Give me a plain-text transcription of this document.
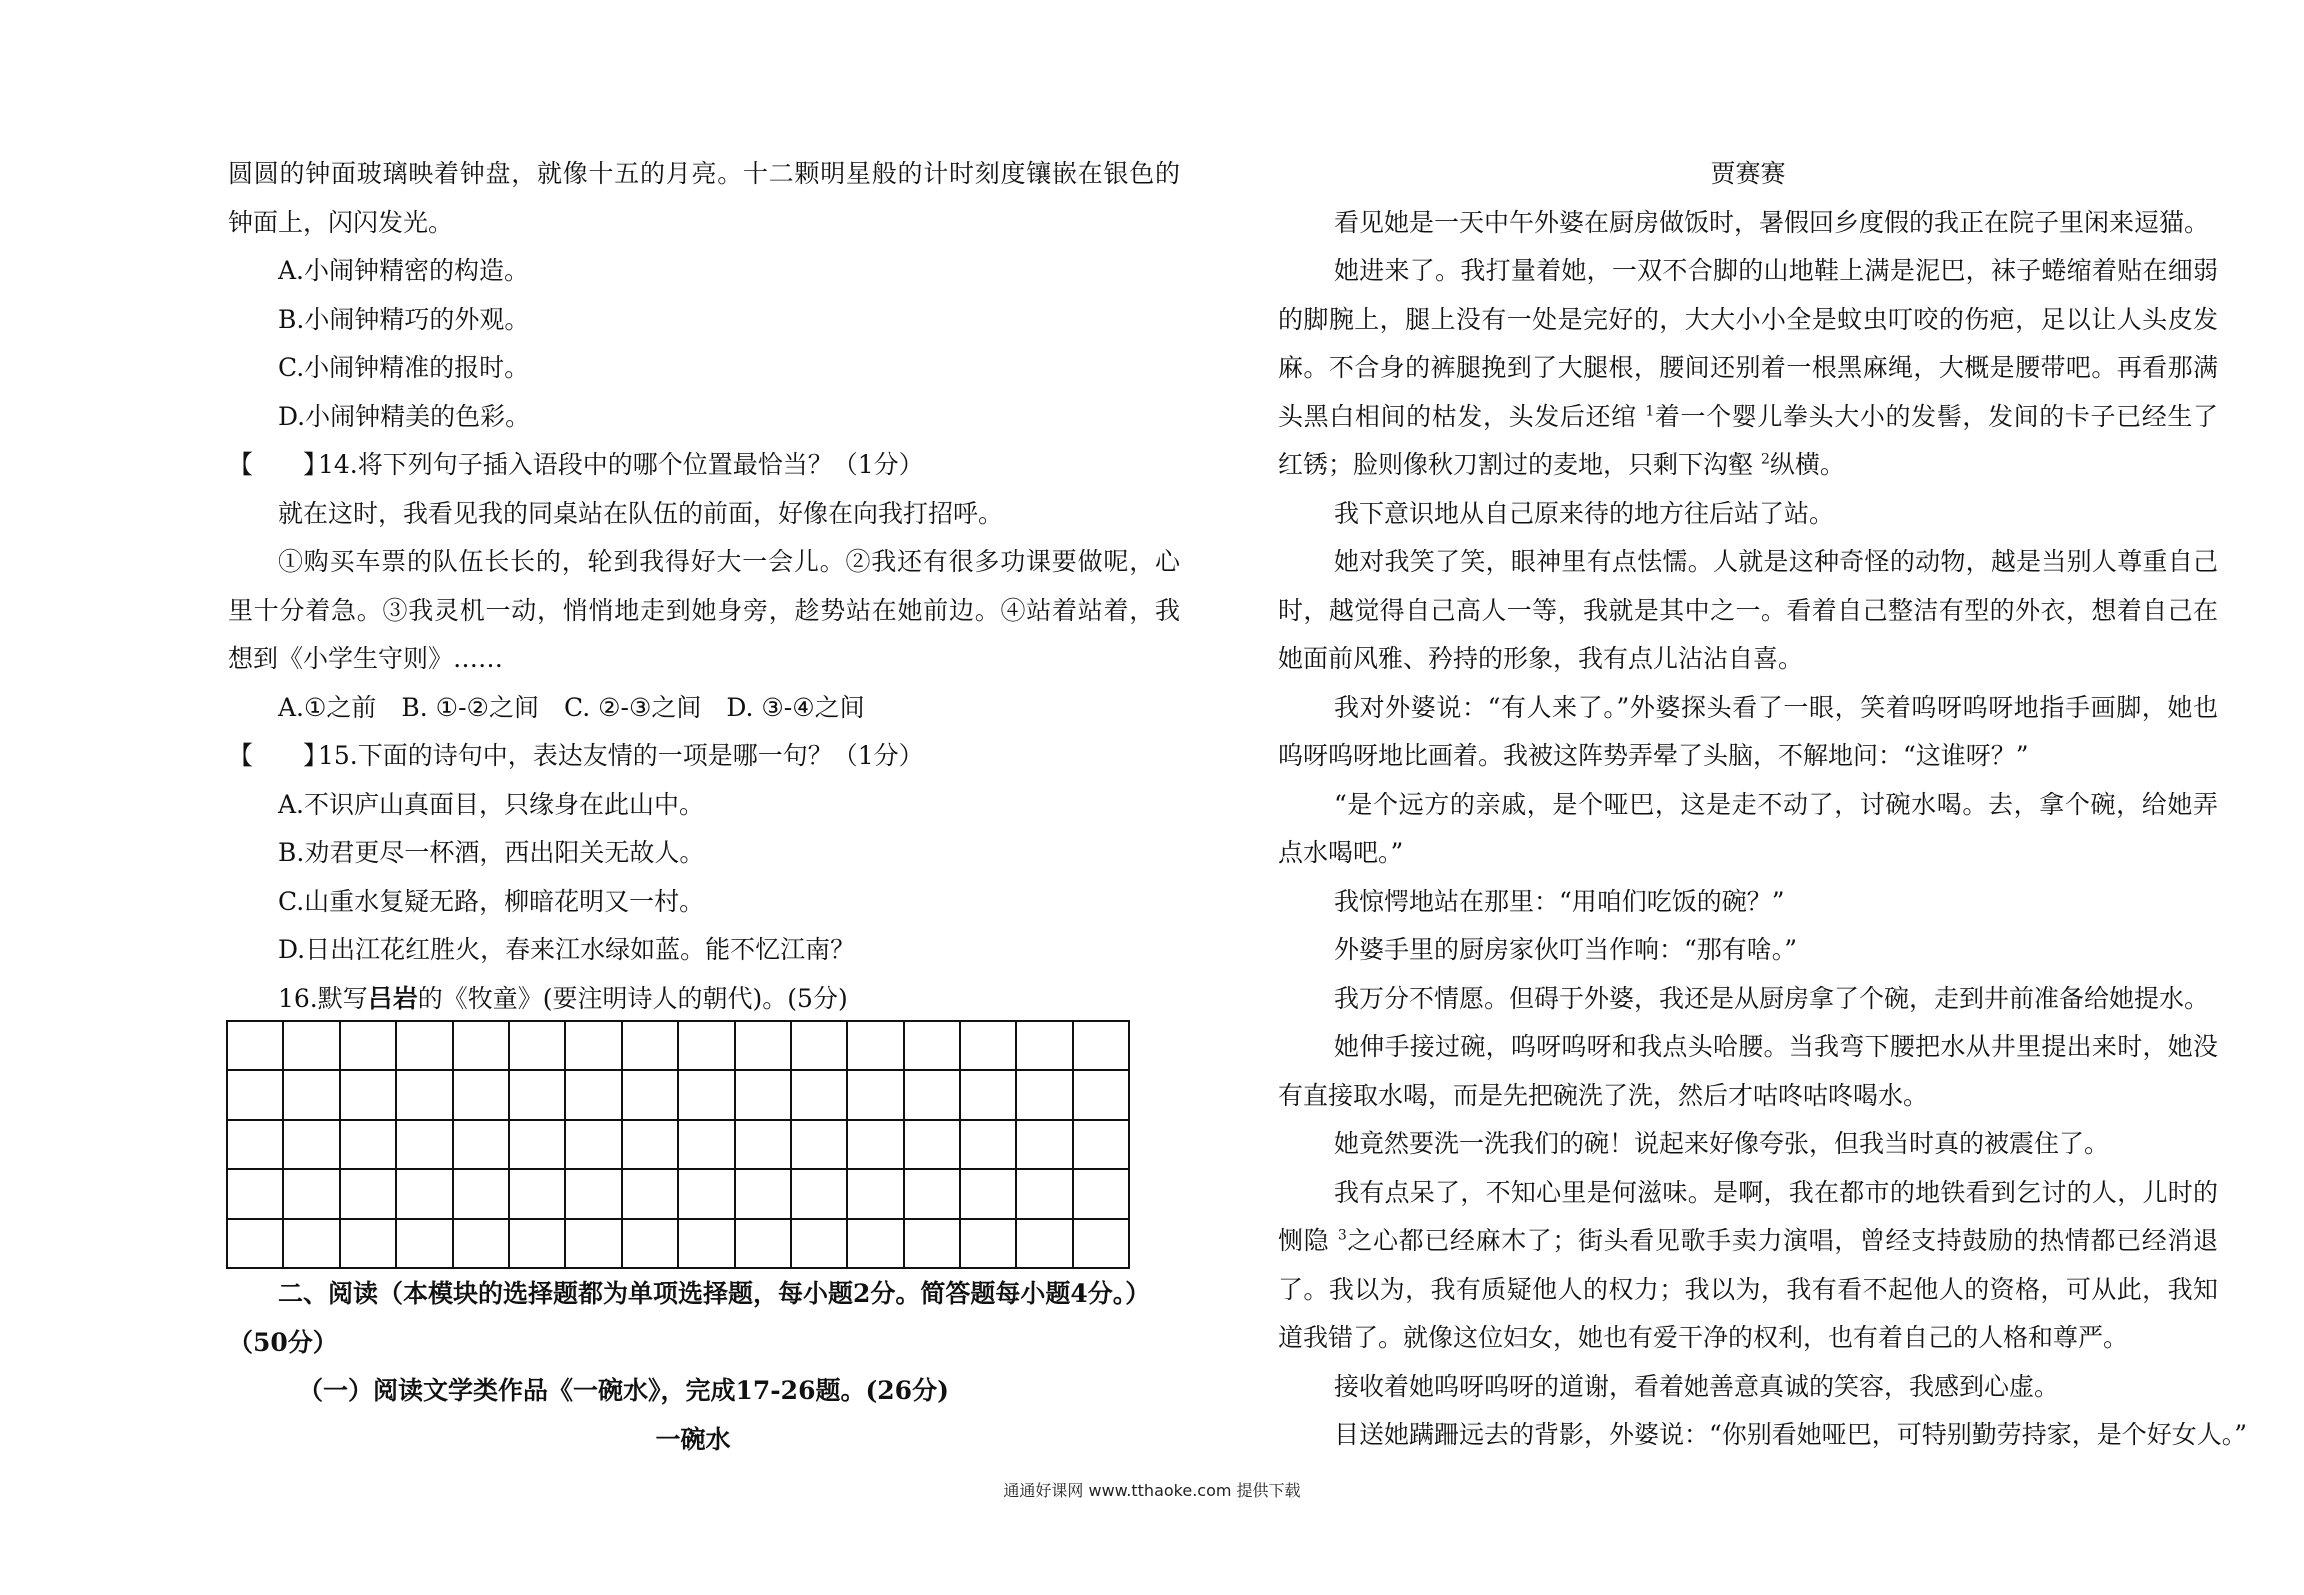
圆圆的钟面玻璃映着钟盘，就像十五的月亮。十二颗明星般的计时刻度镶嵌在银色的
钟面上，闪闪发光。
A.小闹钟精密的构造。
B.小闹钟精巧的外观。
C.小闹钟精准的报时。
D.小闹钟精美的色彩。
【　　】
14.将下列句子插入语段中的哪个位置最恰当？（1分）
就在这时，我看见我的同桌站在队伍的前面，好像在向我打招呼。
①购买车票的队伍长长的，轮到我得好大一会儿。②我还有很多功课要做呢，心
里十分着急。③我灵机一动，悄悄地走到她身旁，趁势站在她前边。④站着站着，我
想到《小学生守则》……
A.①之前　B. ①-②之间　C. ②-③之间　D. ③-④之间
【　　】
15.下面的诗句中，表达友情的一项是哪一句？（1分）
A.不识庐山真面目，只缘身在此山中。
B.劝君更尽一杯酒，西出阳关无故人。
C.山重水复疑无路，柳暗花明又一村。
D.日出江花红胜火，春来江水绿如蓝。能不忆江南？
16.默写吕岩的《牧童》(要注明诗人的朝代)。(5分)
二、阅读（本模块的选择题都为单项选择题，每小题2分。简答题每小题4分。）
（50分）
（一）阅读文学类作品《一碗水》，完成17-26题。(26分)
一碗水
贾赛赛
看见她是一天中午外婆在厨房做饭时，暑假回乡度假的我正在院子里闲来逗猫。
她进来了。我打量着她，一双不合脚的山地鞋上满是泥巴，袜子蜷缩着贴在细弱
的脚腕上，腿上没有一处是完好的，大大小小全是蚊虫叮咬的伤疤，足以让人头皮发
麻。不合身的裤腿挽到了大腿根，腰间还别着一根黑麻绳，大概是腰带吧。再看那满
头黑白相间的枯发，头发后还绾 $^1$着一个婴儿拳头大小的发髻，发间的卡子已经生了
红锈；脸则像秋刀割过的麦地，只剩下沟壑 $^2$纵横。
我下意识地从自己原来待的地方往后站了站。
她对我笑了笑，眼神里有点怯懦。人就是这种奇怪的动物，越是当别人尊重自己
时，越觉得自己高人一等，我就是其中之一。看着自己整洁有型的外衣，想着自己在
她面前风雅、矜持的形象，我有点儿沾沾自喜。
我对外婆说：“有人来了。”外婆探头看了一眼，笑着呜呀呜呀地指手画脚，她也
呜呀呜呀地比画着。我被这阵势弄晕了头脑，不解地问：“这谁呀？”
“是个远方的亲戚，是个哑巴，这是走不动了，讨碗水喝。去，拿个碗，给她弄
点水喝吧。”
我惊愕地站在那里：“用咱们吃饭的碗？”
外婆手里的厨房家伙叮当作响：“那有啥。”
我万分不情愿。但碍于外婆，我还是从厨房拿了个碗，走到井前准备给她提水。
她伸手接过碗，呜呀呜呀和我点头哈腰。当我弯下腰把水从井里提出来时，她没
有直接取水喝，而是先把碗洗了洗，然后才咕咚咕咚喝水。
她竟然要洗一洗我们的碗！说起来好像夸张，但我当时真的被震住了。
我有点呆了，不知心里是何滋味。是啊，我在都市的地铁看到乞讨的人，儿时的
恻隐 $^3$之心都已经麻木了；街头看见歌手卖力演唱，曾经支持鼓励的热情都已经消退
了。我以为，我有质疑他人的权力；我以为，我有看不起他人的资格，可从此，我知
道我错了。就像这位妇女，她也有爱干净的权利，也有着自己的人格和尊严。
接收着她呜呀呜呀的道谢，看着她善意真诚的笑容，我感到心虚。
目送她蹒跚远去的背影，外婆说：“你别看她哑巴，可特别勤劳持家，是个好女人。”
通通好课网 www.tthaoke.com 提供下载
